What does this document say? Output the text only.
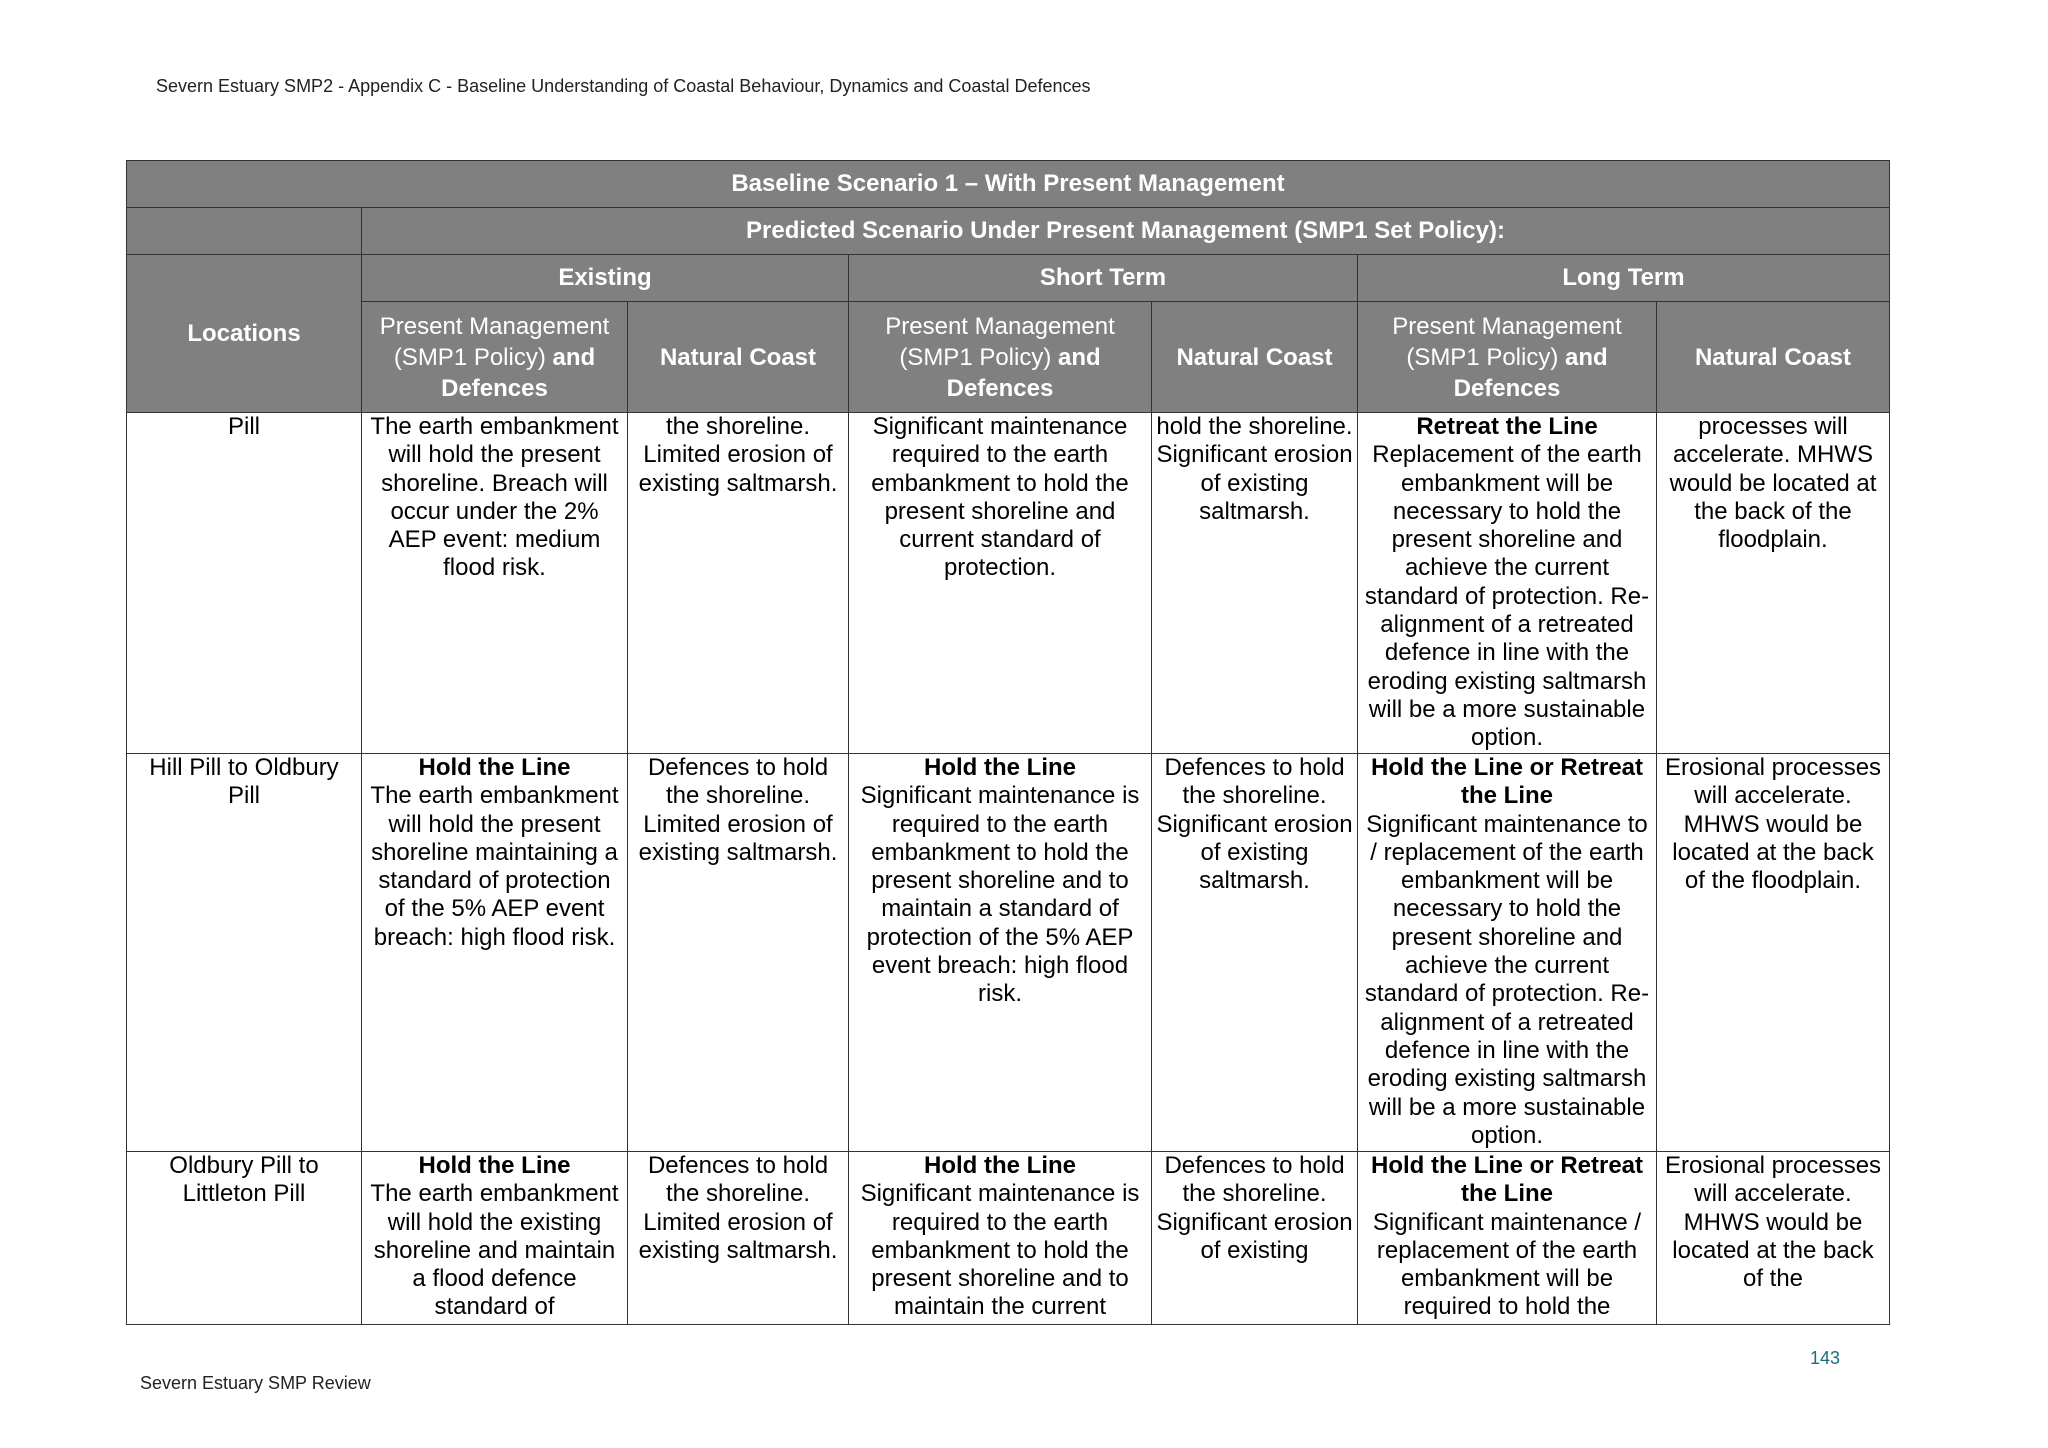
Severn Estuary SMP2 - Appendix C - Baseline Understanding of Coastal Behaviour, Dynamics and Coastal Defences
Baseline Scenario 1 – With Present Management						
	Predicted Scenario Under Present Management (SMP1 Set Policy):					
Locations	Existing		Short Term		Long Term	
	Present Management
(SMP1 Policy) and
Defences	Natural Coast	Present Management
(SMP1 Policy) and
Defences	Natural Coast	Present Management
(SMP1 Policy) and
Defences	Natural Coast

Pill	The earth embankment will hold the present shoreline. Breach will occur under the 2% AEP event: medium flood risk.	the shoreline. Limited erosion of existing saltmarsh.	Significant maintenance required to the earth embankment to hold the present shoreline and current standard of protection.	hold the shoreline. Significant erosion of existing saltmarsh.	Retreat the Line
Replacement of the earth embankment will be necessary to hold the present shoreline and achieve the current standard of protection. Re-alignment of a retreated defence in line with the eroding existing saltmarsh will be a more sustainable option.	processes will accelerate. MHWS would be located at the back of the floodplain.

Hill Pill to Oldbury Pill	Hold the Line
The earth embankment will hold the present shoreline maintaining a standard of protection of the 5% AEP event breach: high flood risk.	Defences to hold the shoreline. Limited erosion of existing saltmarsh.	Hold the Line
Significant maintenance is required to the earth embankment to hold the present shoreline and to maintain a standard of protection of the 5% AEP event breach: high flood risk.	Defences to hold the shoreline. Significant erosion of existing saltmarsh.	Hold the Line or Retreat the Line
Significant maintenance to / replacement of the earth embankment will be necessary to hold the present shoreline and achieve the current standard of protection. Re-alignment of a retreated defence in line with the eroding existing saltmarsh will be a more sustainable option.	Erosional processes will accelerate. MHWS would be located at the back of the floodplain.

Oldbury Pill to Littleton Pill	Hold the Line
The earth embankment will hold the existing shoreline and maintain a flood defence standard of	Defences to hold the shoreline. Limited erosion of existing saltmarsh.	Hold the Line
Significant maintenance is required to the earth embankment to hold the present shoreline and to maintain the current	Defences to hold the shoreline. Significant erosion of existing	Hold the Line or Retreat the Line
Significant maintenance / replacement of the earth embankment will be required to hold the	Erosional processes will accelerate. MHWS would be located at the back of the
143
Severn Estuary SMP Review
